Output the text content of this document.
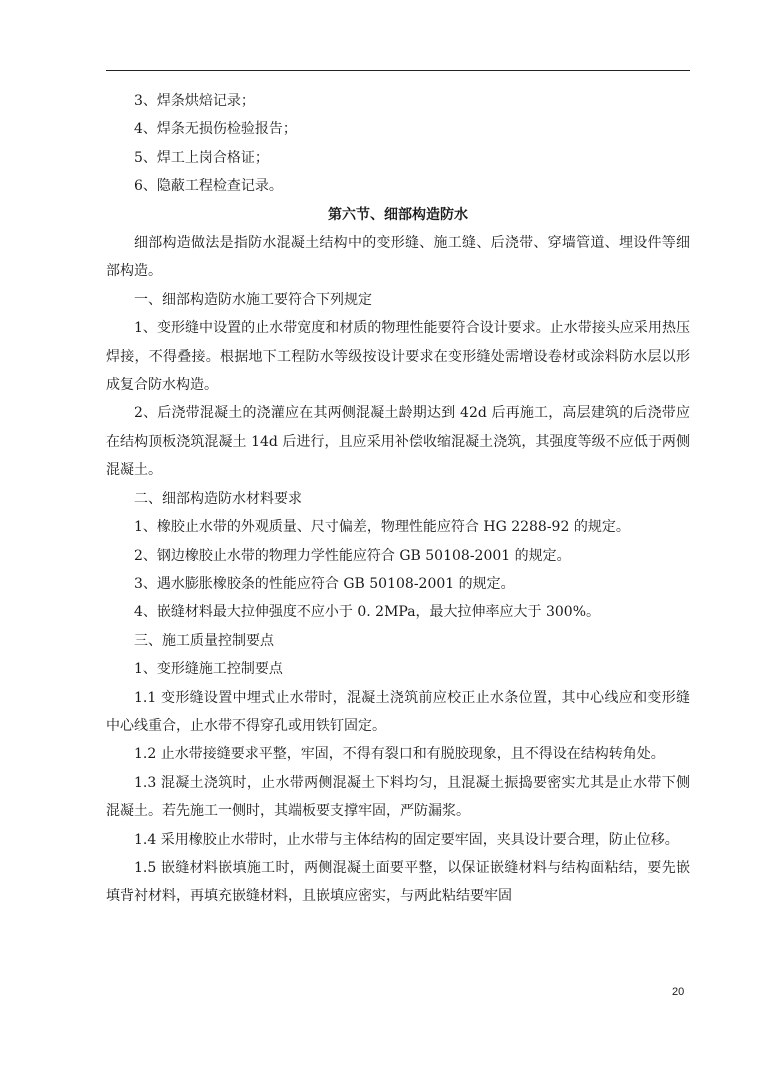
3、焊条烘焙记录；

4、焊条无损伤检验报告；

5、焊工上岗合格证；

6、隐蔽工程检查记录。

第六节、细部构造防水

细部构造做法是指防水混凝土结构中的变形缝、施工缝、后浇带、穿墙管道、埋设件等细部构造。

一、细部构造防水施工要符合下列规定

1、变形缝中设置的止水带宽度和材质的物理性能要符合设计要求。止水带接头应采用热压焊接，不得叠接。根据地下工程防水等级按设计要求在变形缝处需增设卷材或涂料防水层以形成复合防水构造。

2、后浇带混凝土的浇灌应在其两侧混凝土龄期达到 42d 后再施工，高层建筑的后浇带应在结构顶板浇筑混凝土 14d 后进行，且应采用补偿收缩混凝土浇筑，其强度等级不应低于两侧混凝土。

二、细部构造防水材料要求

1、橡胶止水带的外观质量、尺寸偏差，物理性能应符合 HG 2288-92 的规定。

2、钢边橡胶止水带的物理力学性能应符合 GB 50108-2001 的规定。

3、遇水膨胀橡胶条的性能应符合 GB 50108-2001 的规定。

4、嵌缝材料最大拉伸强度不应小于 0. 2MPa，最大拉伸率应大于 300%。

三、施工质量控制要点

1、变形缝施工控制要点

1.1 变形缝设置中埋式止水带时，混凝土浇筑前应校正止水条位置，其中心线应和变形缝中心线重合，止水带不得穿孔或用铁钉固定。

1.2 止水带接缝要求平整，牢固，不得有裂口和有脱胶现象，且不得设在结构转角处。

1.3 混凝土浇筑时，止水带两侧混凝土下料均匀，且混凝土振捣要密实尤其是止水带下侧混凝土。若先施工一侧时，其端板要支撑牢固，严防漏浆。

1.4 采用橡胶止水带时，止水带与主体结构的固定要牢固，夹具设计要合理，防止位移。

1.5 嵌缝材料嵌填施工时，两侧混凝土面要平整，以保证嵌缝材料与结构面粘结，要先嵌填背衬材料，再填充嵌缝材料，且嵌填应密实，与两此粘结要牢固

20
